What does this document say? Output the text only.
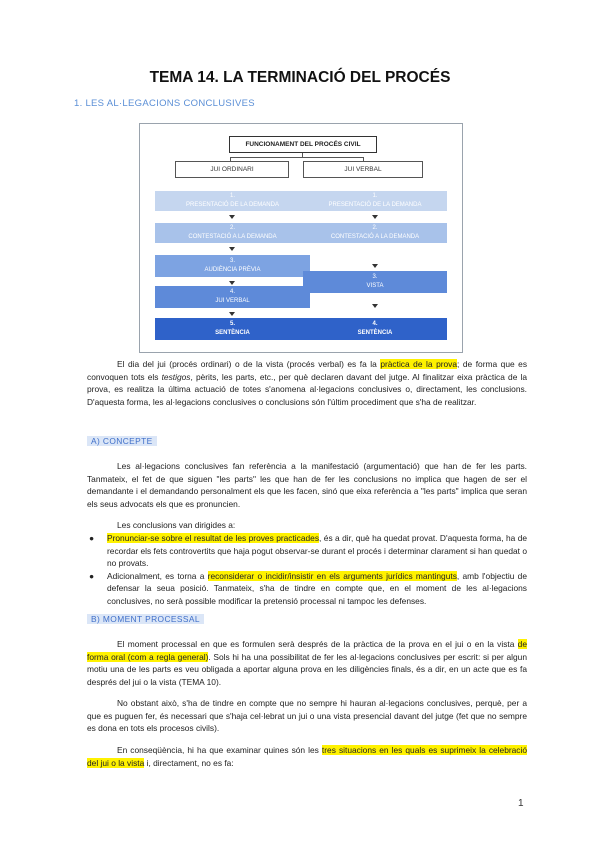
TEMA 14. LA TERMINACIÓ DEL PROCÉS
1. LES AL·LEGACIONS CONCLUSIVES
FUNCIONAMENT DEL PROCÉS CIVIL
JUI ORDINARI	JUI VERBAL
1.
PRESENTACIÓ DE LA DEMANDA
2.
CONTESTACIÓ A LA DEMANDA
3.
AUDIÈNCIA PRÈVIA
4.
JUI VERBAL
5.
SENTÈNCIA
1.
PRESENTACIÓ DE LA DEMANDA
2.
CONTESTACIÓ A LA DEMANDA
3.
VISTA
4.
SENTÈNCIA

El dia del jui (procés ordinari) o de la vista (procés verbal) es fa la pràctica de la prova; de forma que es convoquen tots els testigos, pèrits, les parts, etc., per què declaren davant del jutge. Al finalitzar eixa pràctica de la prova, es realitza la última actuació de totes s'anomena al·legacions conclusives o, directament, les conclusions. D'aquesta forma, les al·legacions conclusives o conclusions són l'últim procediment que s'ha de realitzar.

A) CONCEPTE

Les al·legacions conclusives fan referència a la manifestació (argumentació) que han de fer les parts. Tanmateix, el fet de que siguen "les parts" les que han de fer les conclusions no implica que hagen de ser el demandante i el demandando personalment els que les facen, sinó que eixa referència a "les parts" implica que seran els seus advocats els que es pronuncien.

Les conclusions van dirigides a:

● Pronunciar-se sobre el resultat de les proves practicades, és a dir, què ha quedat provat. D'aquesta forma, ha de recordar els fets controvertits que haja pogut observar-se durant el procés i determinar clarament si han quedat o no provats.
● Adicionalment, es torna a reconsiderar o incidir/insistir en els arguments jurídics mantinguts, amb l'objectiu de defensar la seua posició. Tanmateix, s'ha de tindre en compte que, en el moment de les al·legacions conclusives, no serà possible modificar la pretensió processal ni tampoc les defenses.
B) MOMENT PROCESSAL

El moment processal en que es formulen serà després de la pràctica de la prova en el jui o en la vista de forma oral (com a regla general). Sols hi ha una possibilitat de fer les al·legacions conclusives per escrit: si per algun motiu una de les parts es veu obligada a aportar alguna prova en les diligències finals, és a dir, en un acte que es fa després del jui o la vista (TEMA 10).

No obstant això, s'ha de tindre en compte que no sempre hi hauran al·legacions conclusives, perquè, per a que es puguen fer, és necessari que s'haja cel·lebrat un jui o una vista presencial davant del jutge (fet que no sempre es dona en tots els procesos civils).

En conseqüència, hi ha que examinar quines són les tres situacions en les quals es suprimeix la celebració del jui o la vista i, directament, no es fa:

1
